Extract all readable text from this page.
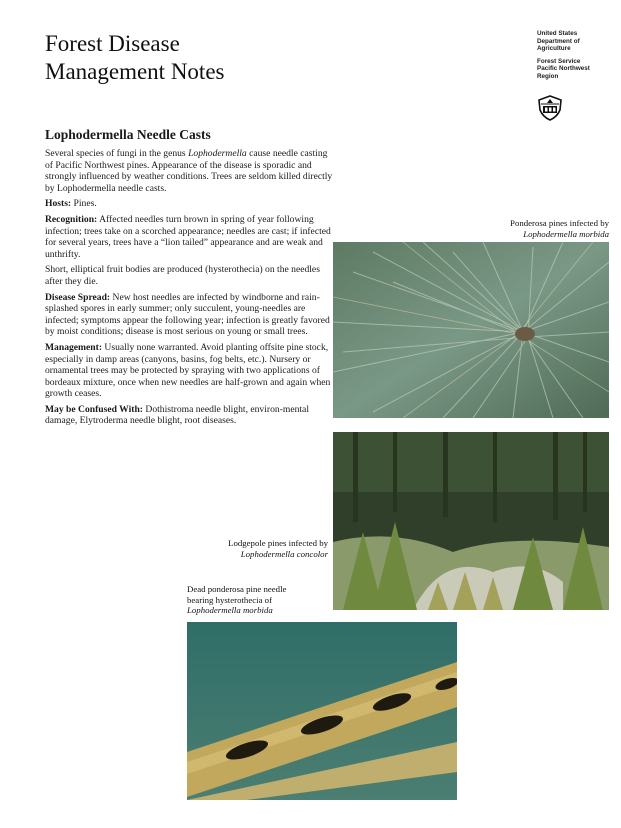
Forest Disease
Management Notes
United States
Department of
Agriculture
Forest Service
Pacific Northwest
Region
Lophodermella Needle Casts

Several species of fungi in the genus Lophodermella cause needle casting of Pacific Northwest pines. Appearance of the disease is sporadic and strongly influenced by weather conditions. Trees are seldom killed directly by Lophodermella needle casts.

Hosts: Pines.

Recognition: Affected needles turn brown in spring of year following infection; trees take on a scorched appearance; needles are cast; if infected for several years, trees have a “lion tailed” appearance and are weak and unthrifty.

Short, elliptical fruit bodies are produced (hysterothecia) on the needles after they die.

Disease Spread: New host needles are infected by windborne and rain-splashed spores in early summer; only succulent, young-needles are infected; symptoms appear the following year; infection is greatly favored by moist conditions; disease is most serious on young or small trees.

Management: Usually none warranted. Avoid planting offsite pine stock, especially in damp areas (canyons, basins, fog belts, etc.). Nursery or ornamental trees may be protected by spraying with two applications of bordeaux mixture, once when new needles are half-grown and again when growth ceases.

May be Confused With: Dothistroma needle blight, environ-mental damage, Elytroderma needle blight, root diseases.

Ponderosa pines infected by
Lophodermella morbida
Lodgepole pines infected by
Lophodermella concolor
Dead ponderosa pine needle
bearing hysterothecia of
Lophodermella morbida
